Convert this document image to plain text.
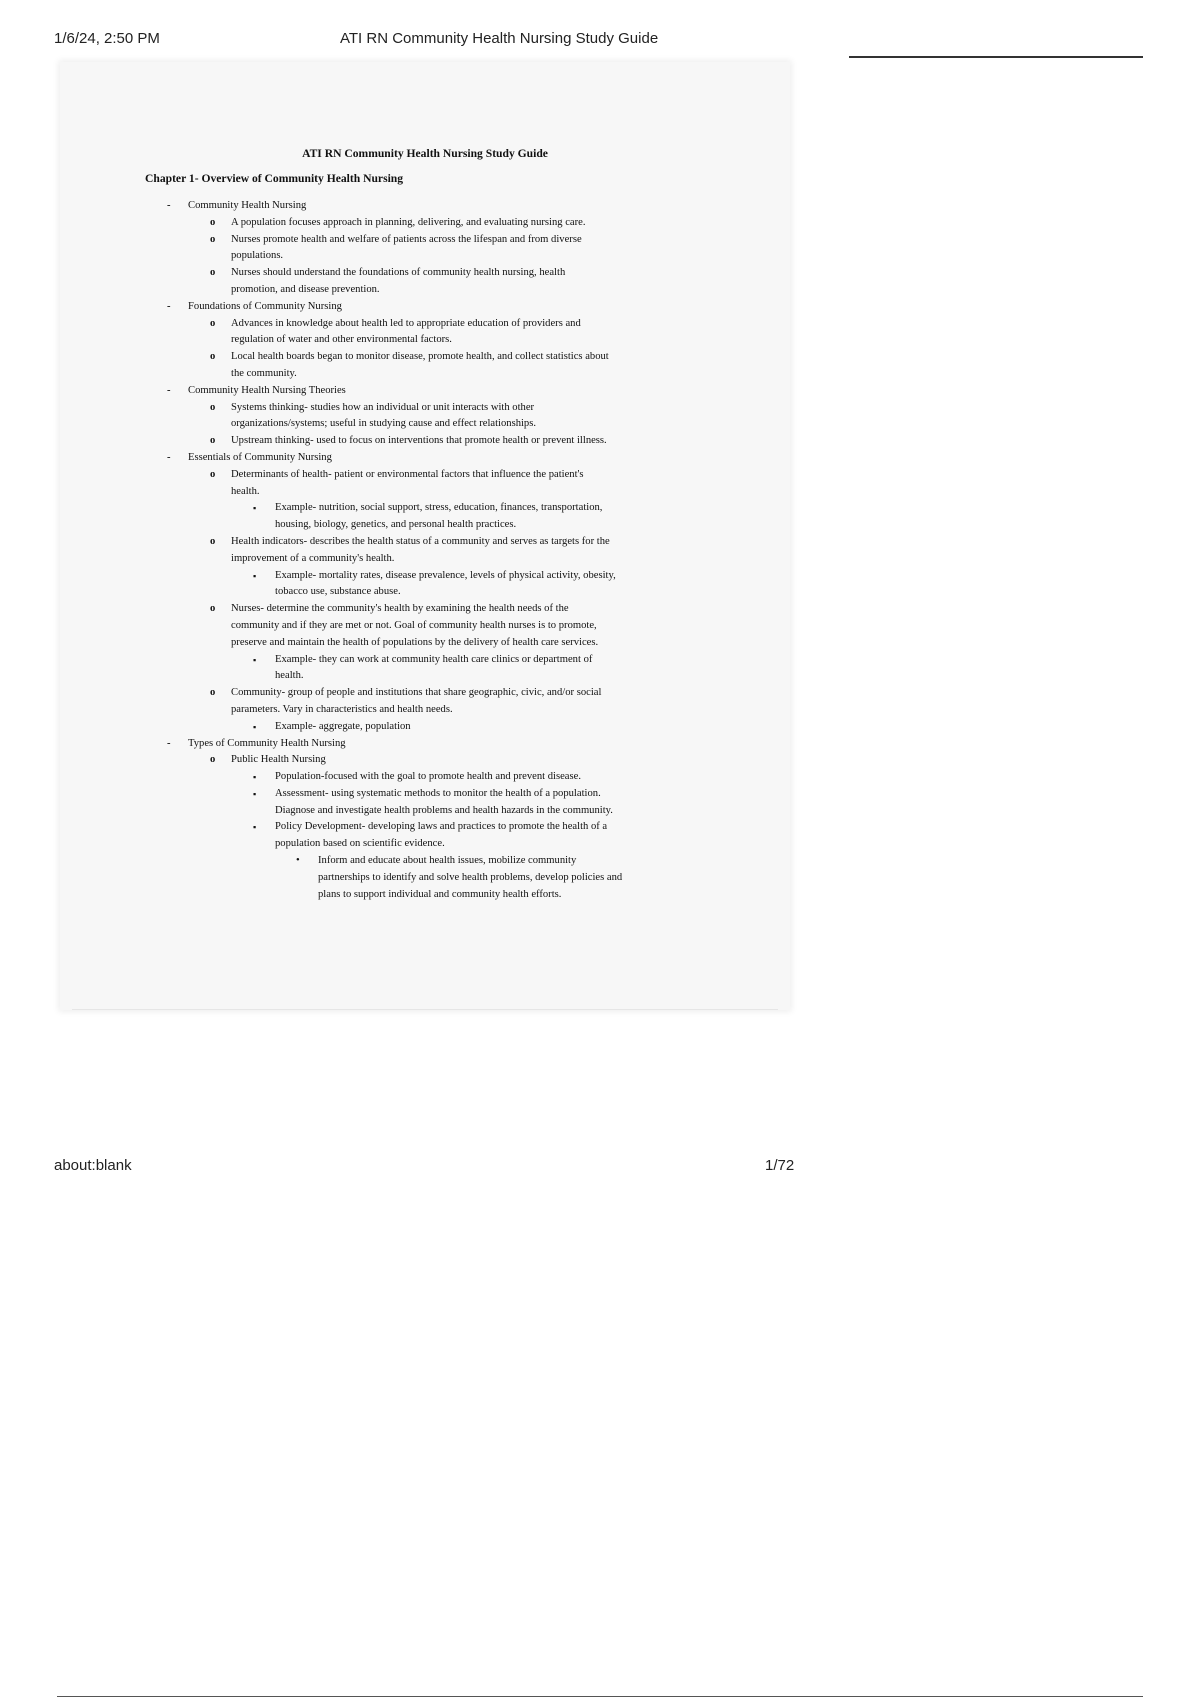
1/6/24, 2:50 PM	ATI RN Community Health Nursing Study Guide
ATI RN Community Health Nursing Study Guide
Chapter 1- Overview of Community Health Nursing
-
Community Health Nursing
o
A population focuses approach in planning, delivering, and evaluating nursing care.
o
Nurses promote health and welfare of patients across the lifespan and from diverse
populations.
o
Nurses should understand the foundations of community health nursing, health
promotion, and disease prevention.
-
Foundations of Community Nursing
o
Advances in knowledge about health led to appropriate education of providers and
regulation of water and other environmental factors.
o
Local health boards began to monitor disease, promote health, and collect statistics about
the community.
-
Community Health Nursing Theories
o
Systems thinking- studies how an individual or unit interacts with other
organizations/systems; useful in studying cause and effect relationships.
o
Upstream thinking- used to focus on interventions that promote health or prevent illness.
-
Essentials of Community Nursing
o
Determinants of health- patient or environmental factors that influence the patient's
health.
▪
Example- nutrition, social support, stress, education, finances, transportation,
housing, biology, genetics, and personal health practices.
o
Health indicators- describes the health status of a community and serves as targets for the
improvement of a community's health.
▪
Example- mortality rates, disease prevalence, levels of physical activity, obesity,
tobacco use, substance abuse.
o
Nurses- determine the community's health by examining the health needs of the
community and if they are met or not. Goal of community health nurses is to promote,
preserve and maintain the health of populations by the delivery of health care services.
▪
Example- they can work at community health care clinics or department of
health.
o
Community- group of people and institutions that share geographic, civic, and/or social
parameters. Vary in characteristics and health needs.
▪
Example- aggregate, population
-
Types of Community Health Nursing
o
Public Health Nursing
▪
Population-focused with the goal to promote health and prevent disease.
▪
Assessment- using systematic methods to monitor the health of a population.
Diagnose and investigate health problems and health hazards in the community.
▪
Policy Development- developing laws and practices to promote the health of a
population based on scientific evidence.
•
Inform and educate about health issues, mobilize community
partnerships to identify and solve health problems, develop policies and
plans to support individual and community health efforts.
about:blank	1/72
